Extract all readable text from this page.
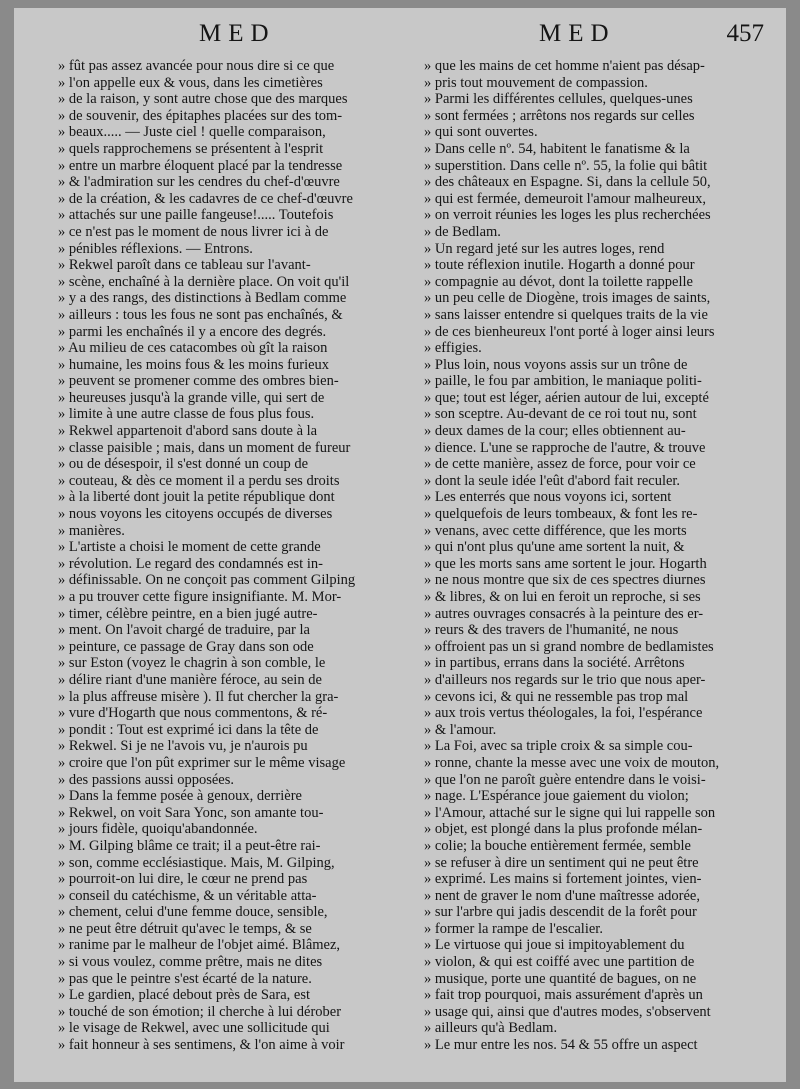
MED	MED	457
» fût pas assez avancée pour nous dire si ce que
» l'on appelle eux & vous, dans les cimetières
» de la raison, y sont autre chose que des marques
» de souvenir, des épitaphes placées sur des tom-
» beaux..... — Juste ciel ! quelle comparaison,
» quels rapprochemens se présentent à l'esprit
» entre un marbre éloquent placé par la tendresse
» & l'admiration sur les cendres du chef-d'œuvre
» de la création, & les cadavres de ce chef-d'œuvre
» attachés sur une paille fangeuse!..... Toutefois
» ce n'est pas le moment de nous livrer ici à de
» pénibles réflexions. — Entrons.
» Rekwel paroît dans ce tableau sur l'avant-
» scène, enchaîné à la dernière place. On voit qu'il
» y a des rangs, des distinctions à Bedlam comme
» ailleurs : tous les fous ne sont pas enchaînés, &
» parmi les enchaînés il y a encore des degrés.
» Au milieu de ces catacombes où gît la raison
» humaine, les moins fous & les moins furieux
» peuvent se promener comme des ombres bien-
» heureuses jusqu'à la grande ville, qui sert de
» limite à une autre classe de fous plus fous.
» Rekwel appartenoit d'abord sans doute à la
» classe paisible ; mais, dans un moment de fureur
» ou de désespoir, il s'est donné un coup de
» couteau, & dès ce moment il a perdu ses droits
» à la liberté dont jouit la petite république dont
» nous voyons les citoyens occupés de diverses
» manières.
» L'artiste a choisi le moment de cette grande
» révolution. Le regard des condamnés est in-
» définissable. On ne conçoit pas comment Gilping
» a pu trouver cette figure insignifiante. M. Mor-
» timer, célèbre peintre, en a bien jugé autre-
» ment. On l'avoit chargé de traduire, par la
» peinture, ce passage de Gray dans son ode
» sur Eston (voyez le chagrin à son comble, le
» délire riant d'une manière féroce, au sein de
» la plus affreuse misère ). Il fut chercher la gra-
» vure d'Hogarth que nous commentons, & ré-
» pondit : Tout est exprimé ici dans la tête de
» Rekwel. Si je ne l'avois vu, je n'aurois pu
» croire que l'on pût exprimer sur le même visage
» des passions aussi opposées.
» Dans la femme posée à genoux, derrière
» Rekwel, on voit Sara Yonc, son amante tou-
» jours fidèle, quoiqu'abandonnée.
» M. Gilping blâme ce trait; il a peut-être rai-
» son, comme ecclésiastique. Mais, M. Gilping,
» pourroit-on lui dire, le cœur ne prend pas
» conseil du catéchisme, & un véritable atta-
» chement, celui d'une femme douce, sensible,
» ne peut être détruit qu'avec le temps, & se
» ranime par le malheur de l'objet aimé. Blâmez,
» si vous voulez, comme prêtre, mais ne dites
» pas que le peintre s'est écarté de la nature.
» Le gardien, placé debout près de Sara, est
» touché de son émotion; il cherche à lui dérober
» le visage de Rekwel, avec une sollicitude qui
» fait honneur à ses sentimens, & l'on aime à voir
» que les mains de cet homme n'aient pas désap-
» pris tout mouvement de compassion.
» Parmi les différentes cellules, quelques-unes
» sont fermées ; arrêtons nos regards sur celles
» qui sont ouvertes.
» Dans celle nº. 54, habitent le fanatisme & la
» superstition. Dans celle nº. 55, la folie qui bâtit
» des châteaux en Espagne. Si, dans la cellule 50,
» qui est fermée, demeuroit l'amour malheureux,
» on verroit réunies les loges les plus recherchées
» de Bedlam.
» Un regard jeté sur les autres loges, rend
» toute réflexion inutile. Hogarth a donné pour
» compagnie au dévot, dont la toilette rappelle
» un peu celle de Diogène, trois images de saints,
» sans laisser entendre si quelques traits de la vie
» de ces bienheureux l'ont porté à loger ainsi leurs
» effigies.
» Plus loin, nous voyons assis sur un trône de
» paille, le fou par ambition, le maniaque politi-
» que; tout est léger, aérien autour de lui, excepté
» son sceptre. Au-devant de ce roi tout nu, sont
» deux dames de la cour; elles obtiennent au-
» dience. L'une se rapproche de l'autre, & trouve
» de cette manière, assez de force, pour voir ce
» dont la seule idée l'eût d'abord fait reculer.
» Les enterrés que nous voyons ici, sortent
» quelquefois de leurs tombeaux, & font les re-
» venans, avec cette différence, que les morts
» qui n'ont plus qu'une ame sortent la nuit, &
» que les morts sans ame sortent le jour. Hogarth
» ne nous montre que six de ces spectres diurnes
» & libres, & on lui en feroit un reproche, si ses
» autres ouvrages consacrés à la peinture des er-
» reurs & des travers de l'humanité, ne nous
» offroient pas un si grand nombre de bedlamistes
» in partibus, errans dans la société. Arrêtons
» d'ailleurs nos regards sur le trio que nous aper-
» cevons ici, & qui ne ressemble pas trop mal
» aux trois vertus théologales, la foi, l'espérance
» & l'amour.
» La Foi, avec sa triple croix & sa simple cou-
» ronne, chante la messe avec une voix de mouton,
» que l'on ne paroît guère entendre dans le voisi-
» nage. L'Espérance joue gaiement du violon;
» l'Amour, attaché sur le signe qui lui rappelle son
» objet, est plongé dans la plus profonde mélan-
» colie; la bouche entièrement fermée, semble
» se refuser à dire un sentiment qui ne peut être
» exprimé. Les mains si fortement jointes, vien-
» nent de graver le nom d'une maîtresse adorée,
» sur l'arbre qui jadis descendit de la forêt pour
» former la rampe de l'escalier.
» Le virtuose qui joue si impitoyablement du
» violon, & qui est coiffé avec une partition de
» musique, porte une quantité de bagues, on ne
» fait trop pourquoi, mais assurément d'après un
» usage qui, ainsi que d'autres modes, s'observent
» ailleurs qu'à Bedlam.
» Le mur entre les nos. 54 & 55 offre un aspect
